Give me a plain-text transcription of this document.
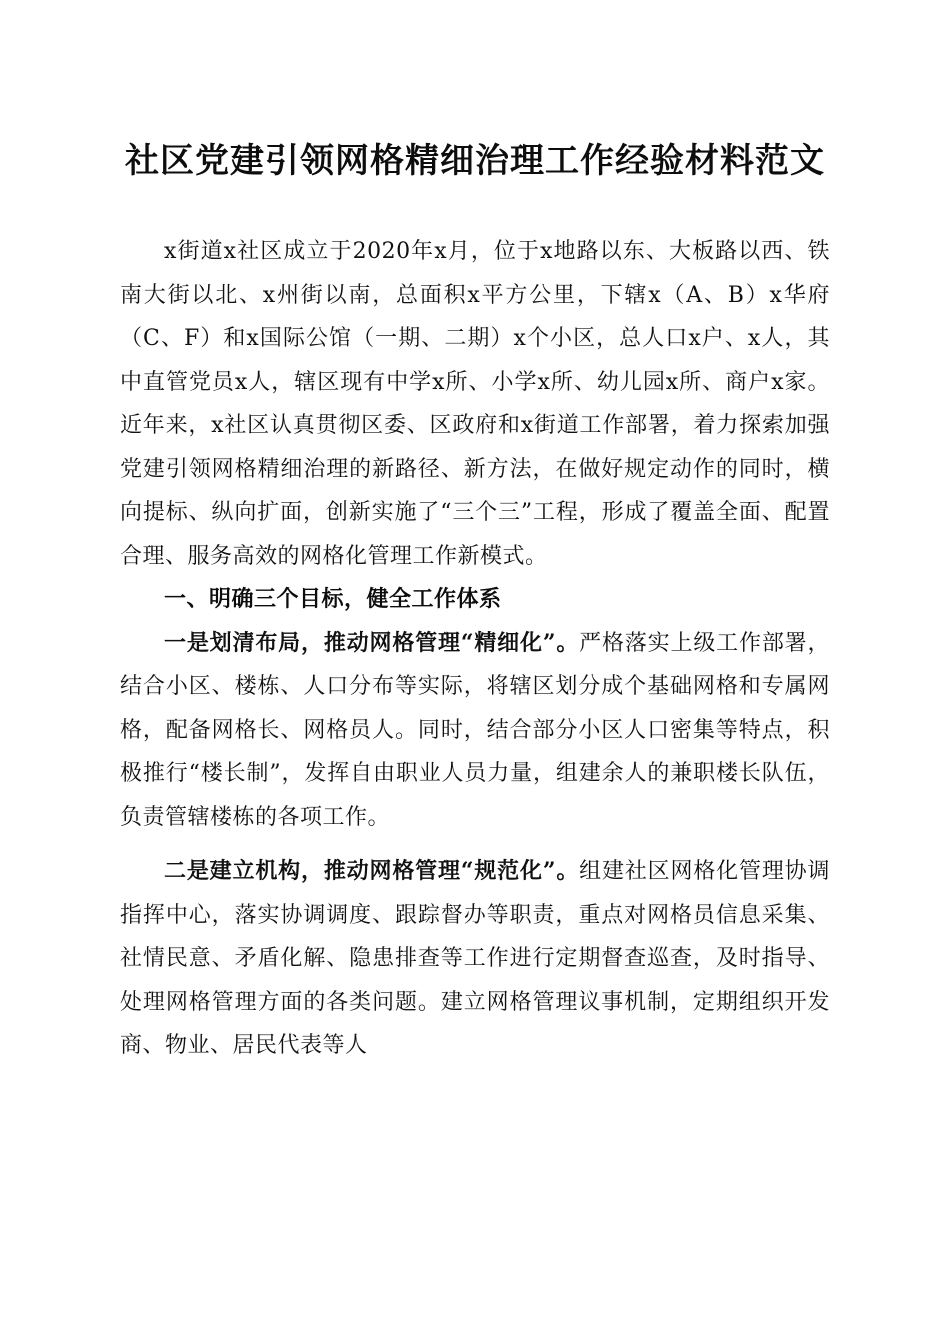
社区党建引领网格精细治理工作经验材料范文

x街道x社区成立于2020年x月，位于x地路以东、大板路以西、铁南大街以北、x州街以南，总面积x平方公里，下辖x（A、B）x华府（C、F）和x国际公馆（一期、二期）x个小区，总人口x户、x人，其中直管党员x人，辖区现有中学x所、小学x所、幼儿园x所、商户x家。近年来，x社区认真贯彻区委、区政府和x街道工作部署，着力探索加强党建引领网格精细治理的新路径、新方法，在做好规定动作的同时，横向提标、纵向扩面，创新实施了“三个三”工程，形成了覆盖全面、配置合理、服务高效的网格化管理工作新模式。

一、明确三个目标，健全工作体系

一是划清布局，推动网格管理“精细化”。严格落实上级工作部署，结合小区、楼栋、人口分布等实际，将辖区划分成个基础网格和专属网格，配备网格长、网格员人。同时，结合部分小区人口密集等特点，积极推行“楼长制”，发挥自由职业人员力量，组建余人的兼职楼长队伍，负责管辖楼栋的各项工作。

二是建立机构，推动网格管理“规范化”。组建社区网格化管理协调指挥中心，落实协调调度、跟踪督办等职责，重点对网格员信息采集、社情民意、矛盾化解、隐患排查等工作进行定期督查巡查，及时指导、处理网格管理方面的各类问题。建立网格管理议事机制，定期组织开发商、物业、居民代表等人
